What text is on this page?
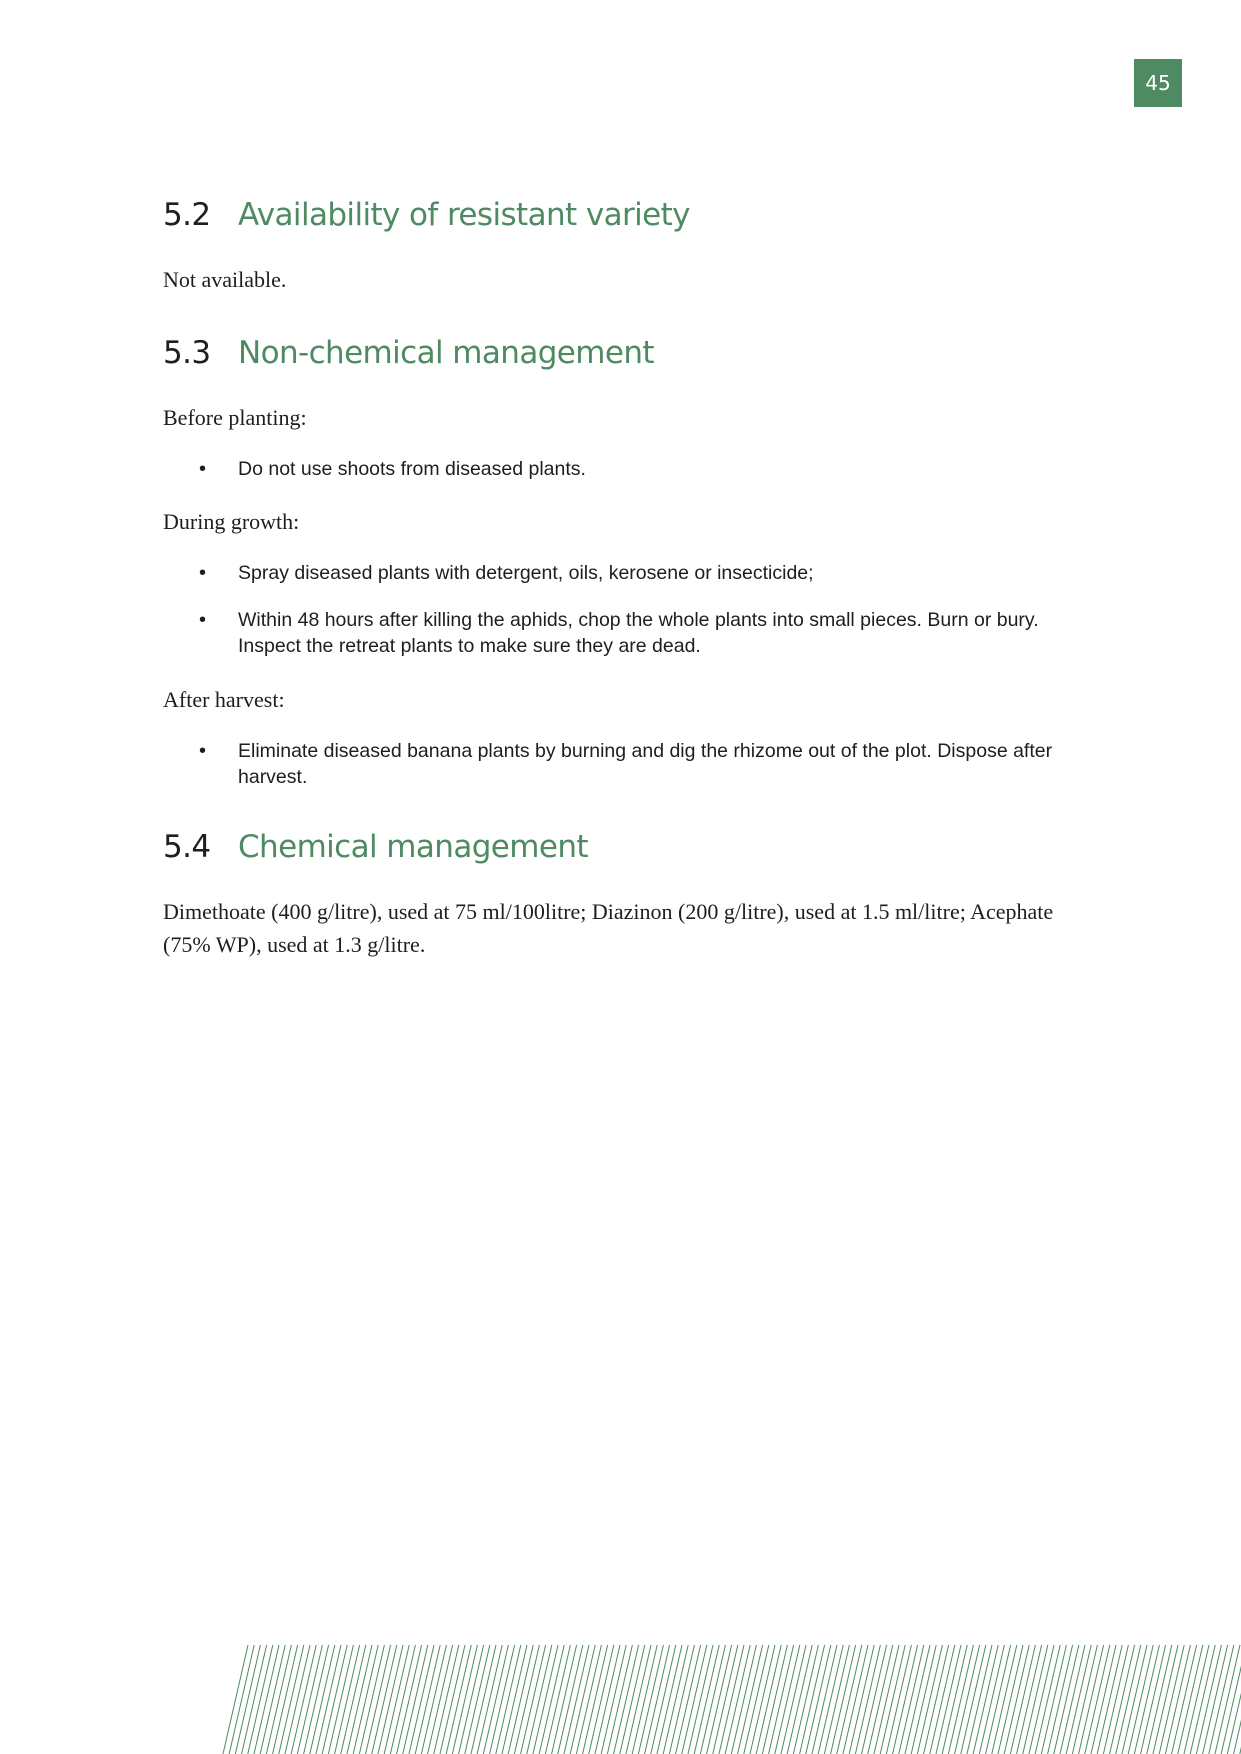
45
5.2 Availability of resistant variety

Not available.

5.3 Non-chemical management

Before planting:

• Do not use shoots from diseased plants.

During growth:

• Spray diseased plants with detergent, oils, kerosene or insecticide;
• Within 48 hours after killing the aphids, chop the whole plants into small pieces. Burn or bury. Inspect the retreat plants to make sure they are dead.

After harvest:

• Eliminate diseased banana plants by burning and dig the rhizome out of the plot. Dispose after harvest.
5.4 Chemical management

Dimethoate (400 g/litre), used at 75 ml/100litre; Diazinon (200 g/litre), used at 1.5 ml/litre; Acephate (75% WP), used at 1.3 g/litre.
